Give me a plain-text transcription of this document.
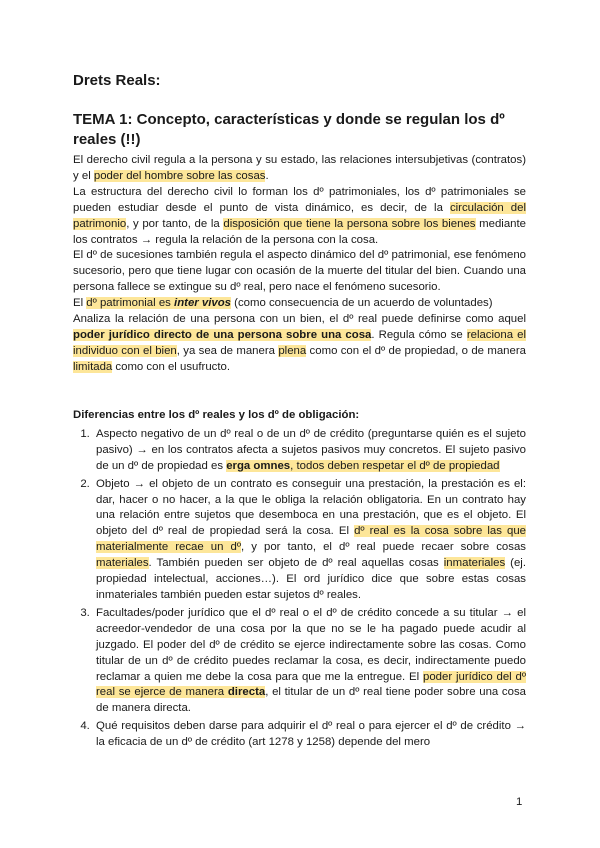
Drets Reals:
TEMA 1: Concepto, características y donde se regulan los dº reales (!!)

El derecho civil regula a la persona y su estado, las relaciones intersubjetivas (contratos) y el poder del hombre sobre las cosas.

La estructura del derecho civil lo forman los dº patrimoniales, los dº patrimoniales se pueden estudiar desde el punto de vista dinámico, es decir, de la circulación del patrimonio, y por tanto, de la disposición que tiene la persona sobre los bienes mediante los contratos → regula la relación de la persona con la cosa.

El dº de sucesiones también regula el aspecto dinámico del dº patrimonial, ese fenómeno sucesorio, pero que tiene lugar con ocasión de la muerte del titular del bien. Cuando una persona fallece se extingue su dº real, pero nace el fenómeno sucesorio.

El dº patrimonial es inter vivos (como consecuencia de un acuerdo de voluntades)

Analiza la relación de una persona con un bien, el dº real puede definirse como aquel poder jurídico directo de una persona sobre una cosa. Regula cómo se relaciona el individuo con el bien, ya sea de manera plena como con el dº de propiedad, o de manera limitada como con el usufructo.

Diferencias entre los dº reales y los dº de obligación:

1. Aspecto negativo de un dº real o de un dº de crédito (preguntarse quién es el sujeto pasivo) → en los contratos afecta a sujetos pasivos muy concretos. El sujeto pasivo de un dº de propiedad es erga omnes, todos deben respetar el dº de propiedad
2. Objeto → el objeto de un contrato es conseguir una prestación, la prestación es el: dar, hacer o no hacer, a la que le obliga la relación obligatoria. En un contrato hay una relación entre sujetos que desemboca en una prestación, que es el objeto. El objeto del dº real de propiedad será la cosa. El dº real es la cosa sobre las que materialmente recae un dº, y por tanto, el dº real puede recaer sobre cosas materiales. También pueden ser objeto de dº real aquellas cosas inmateriales (ej. propiedad intelectual, acciones…). El ord jurídico dice que sobre estas cosas inmateriales también pueden estar sujetos dº reales.
3. Facultades/poder jurídico que el dº real o el dº de crédito concede a su titular → el acreedor-vendedor de una cosa por la que no se le ha pagado puede acudir al juzgado. El poder del dº de crédito se ejerce indirectamente sobre las cosas. Como titular de un dº de crédito puedes reclamar la cosa, es decir, indirectamente puedo reclamar a quien me debe la cosa para que me la entregue. El poder jurídico del dº real se ejerce de manera directa, el titular de un dº real tiene poder sobre una cosa de manera directa.
4. Qué requisitos deben darse para adquirir el dº real o para ejercer el dº de crédito → la eficacia de un dº de crédito (art 1278 y 1258) depende del mero
1
